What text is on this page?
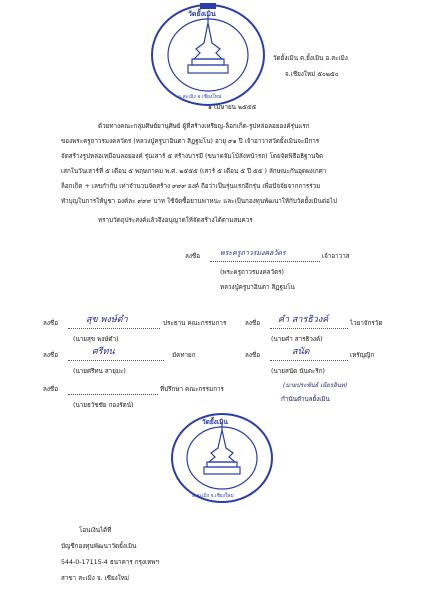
วัดยั้งเมิน
อ.สะเมิง จ.เชียงใหม่
วัดยั้งเมิน ต.ยั้งเมิน อ.สะเมิง
จ.เชียงใหม่ ๕๐๒๕๐
๑ เมษายน ๒๕๕๕
ด้วยทางคณะกลุ่มศิษย์ยานุศิษย์ ผู้ที่สร้างเหรียญ-ล็อกเก็ต-รูปหล่อลอยองค์รุ่นแรก
ของพระครูถาวรมงคลวัตร (หลวงปู่ครูบาอินตา สิฏฐมโน) อายุ ๙๑ ปี เจ้าอาวาสวัดยั้งเมินจะมีการ
จัดสร้างรูปหล่อเหมือนลอยองค์ รุ่นเสาร์ ๕ สร้างบารมี (ขนาดจัมโบ้ลั่งหน้ารถ) โดยจัดพิธีอธิฐานจิต
เสกในวันเสาร์ที่ ๕ เดือน ๕ พฤษภาคม พ.ศ. ๒๕๕๕ (เสาร์ ๕ เดือน ๕ ปี ๕๕ ) ลักษณะกันอุดผงเกศา
ล็อกเก็ต + เลขกำกับ เท่าจำนวนจัดสร้าง ๙๙๙ องค์ ถือว่าเป็นรุ่นแรกอีกรุ่น เพื่อปัจจัยจากการร่วม
ทำบุญในการให้บูชา องค์ละ ๙๙๙ บาท ใช้จัดซื้อยานพาหนะ และเป็นกองทุนพัฒนาให้กับวัดยั้งเมินต่อไป
ทราบวัตถุประสงค์แล้วจึงอนุญาตให้จัดสร้างได้ตามสมควร
ลงชื่อ	พระครูถาวรมงคลวัตร	เจ้าอาวาส
(พระครูถาวรมงคลวัตร)
หลวงปู่ครูบาอินตา สิฏฐมโน
ลงชื่อ	สุข พงษ์ดำ	ประธาน คณะกรรมการ
(นายสุข พงษ์ดำ)
ลงชื่อ คำ สารธิวงค์	ไวยาจักรวัด
(นายคำ สารธิวงค์)
ลงชื่อ	ศรีทน	มัคทายก
(นายศรีทน สายุมะ)
ลงชื่อ	สนัด	เหรัญญิก
(นายสนัด นันตะริก)
ลงชื่อ	ที่ปรึกษา คณะกรรมการ
(นายธวัชชัย กองรัตน์)
(นายประพันธ์ เนียรอินท)
กำนันตำบลยั้งเมิน
วัดยั้งเมิน
อ.สะเมิง จ.เชียงใหม่
โอนเงินได้ที่
บัญชีกองทุนพัฒนาวัดยั้งเมิน
544-0-17115-4 ธนาคาร กรุงเทพฯ
สาขา สะเมิง จ. เชียงใหม่
